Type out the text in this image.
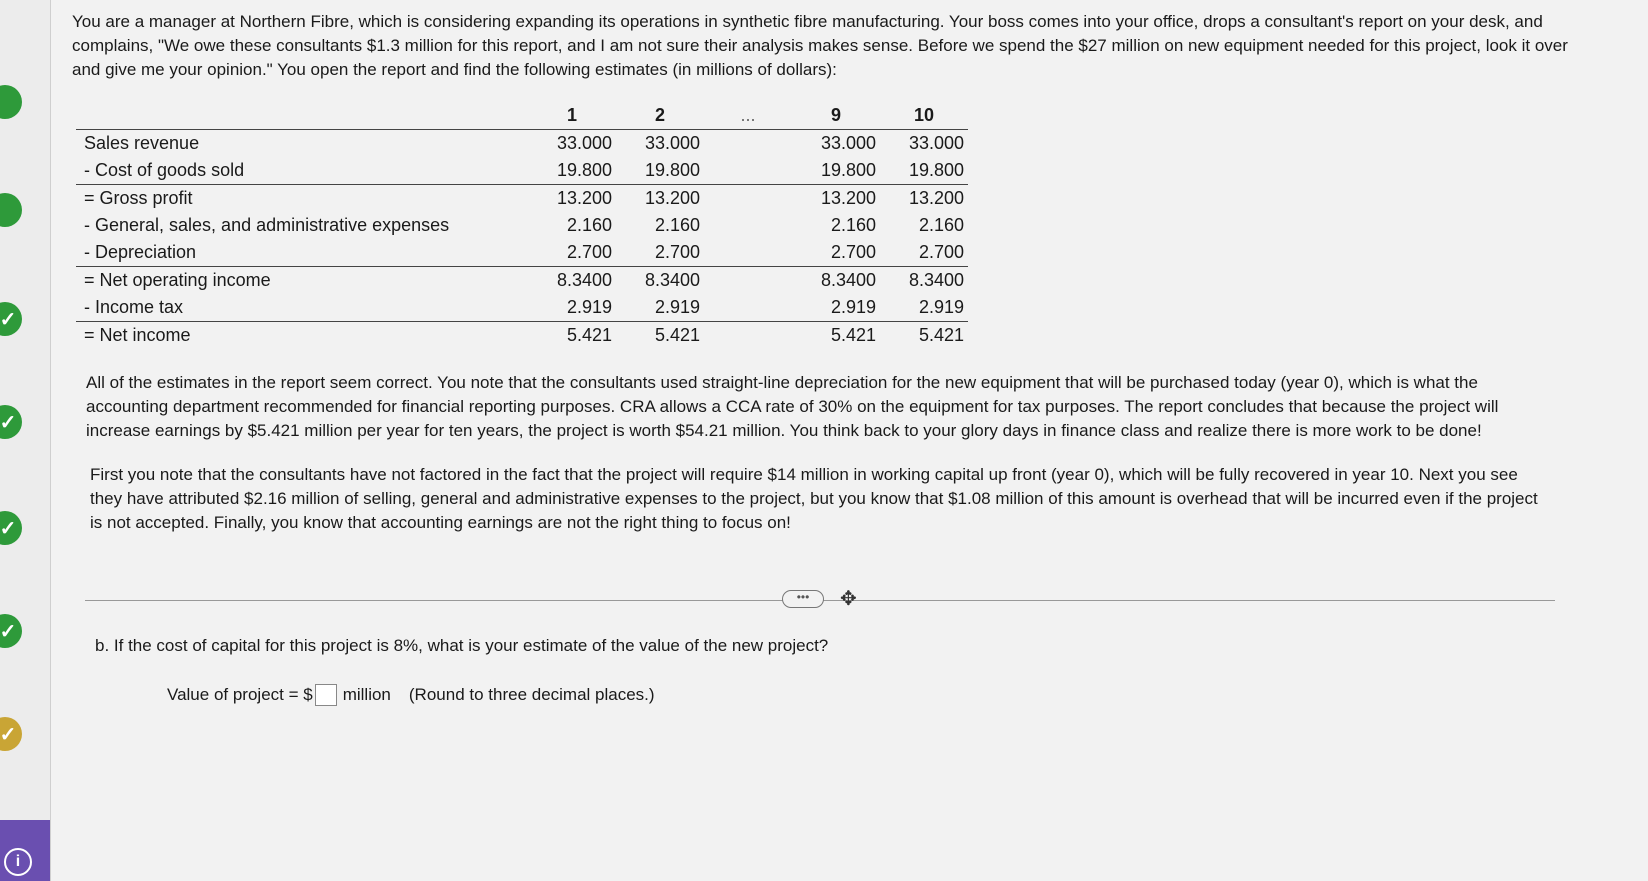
✓
✓
✓
✓
✓
i

You are a manager at Northern Fibre, which is considering expanding its operations in synthetic fibre manufacturing. Your boss comes into your office, drops a consultant's report on your desk, and complains, "We owe these consultants $1.3 million for this report, and I am not sure their analysis makes sense. Before we spend the $27 million on new equipment needed for this project, look it over and give me your opinion." You open the report and find the following estimates (in millions of dollars):

	1	2	...	9	10
Sales revenue	33.000	33.000		33.000	33.000
- Cost of goods sold	19.800	19.800		19.800	19.800
= Gross profit	13.200	13.200		13.200	13.200
- General, sales, and administrative expenses	2.160	2.160		2.160	2.160
- Depreciation	2.700	2.700		2.700	2.700
= Net operating income	8.3400	8.3400		8.3400	8.3400
- Income tax	2.919	2.919		2.919	2.919
= Net income	5.421	5.421		5.421	5.421

All of the estimates in the report seem correct. You note that the consultants used straight-line depreciation for the new equipment that will be purchased today (year 0), which is what the accounting department recommended for financial reporting purposes. CRA allows a CCA rate of 30% on the equipment for tax purposes. The report concludes that because the project will increase earnings by $5.421 million per year for ten years, the project is worth $54.21 million. You think back to your glory days in finance class and realize there is more work to be done!

First you note that the consultants have not factored in the fact that the project will require $14 million in working capital up front (year 0), which will be fully recovered in year 10. Next you see they have attributed $2.16 million of selling, general and administrative expenses to the project, but you know that $1.08 million of this amount is overhead that will be incurred even if the project is not accepted. Finally, you know that accounting earnings are not the right thing to focus on!

•••	✥
b. If the cost of capital for this project is 8%, what is your estimate of the value of the new project?
Value of project = $ million (Round to three decimal places.)
